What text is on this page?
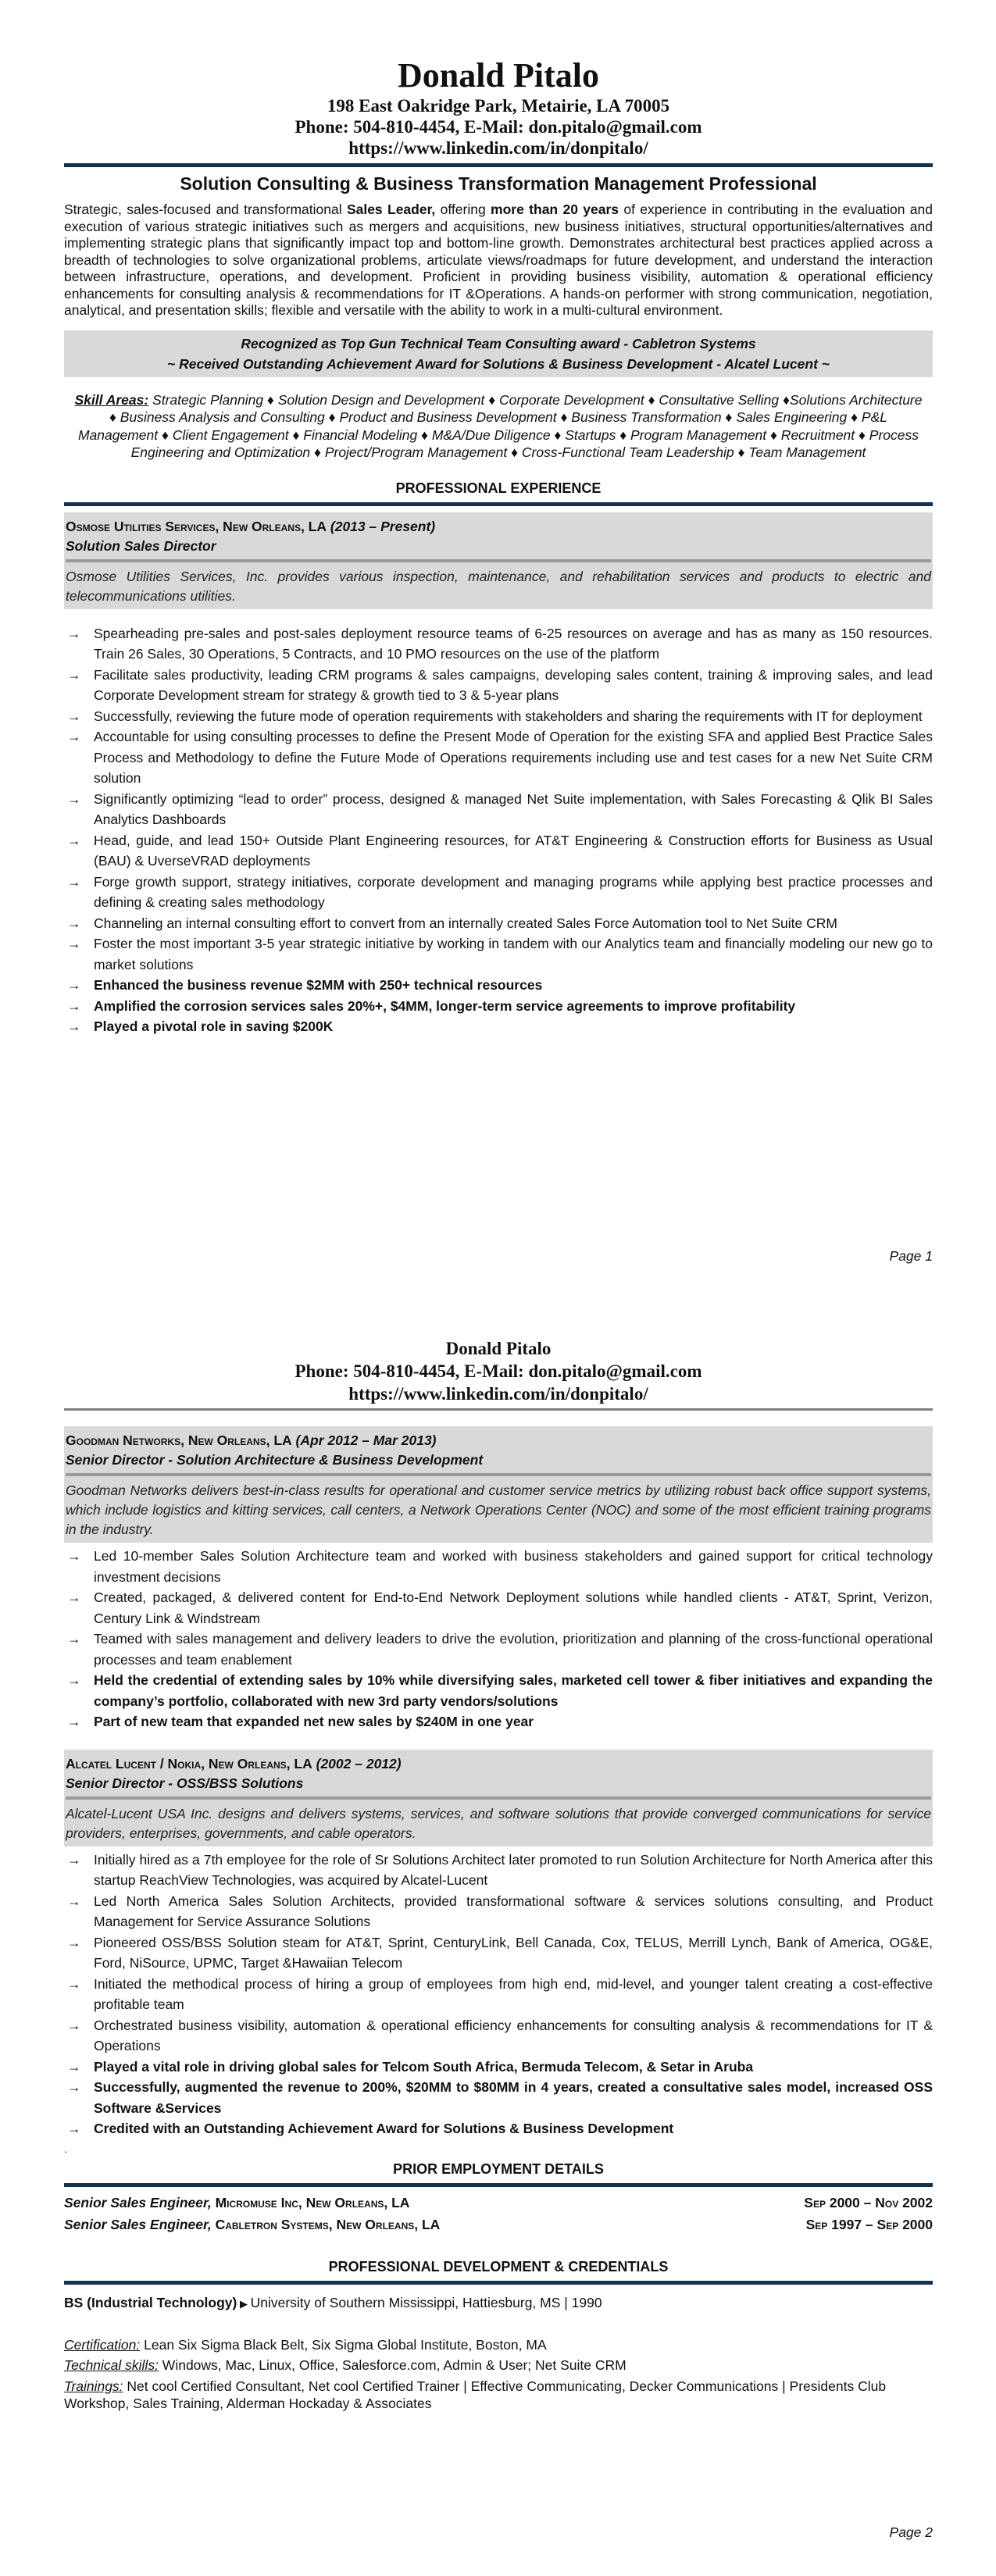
Donald Pitalo
198 East Oakridge Park, Metairie, LA 70005
Phone: 504-810-4454, E-Mail: don.pitalo@gmail.com
https://www.linkedin.com/in/donpitalo/
Solution Consulting & Business Transformation Management Professional
Strategic, sales-focused and transformational Sales Leader, offering more than 20 years of experience in contributing in the evaluation and execution of various strategic initiatives such as mergers and acquisitions, new business initiatives, structural opportunities/alternatives and implementing strategic plans that significantly impact top and bottom-line growth. Demonstrates architectural best practices applied across a breadth of technologies to solve organizational problems, articulate views/roadmaps for future development, and understand the interaction between infrastructure, operations, and development. Proficient in providing business visibility, automation & operational efficiency enhancements for consulting analysis & recommendations for IT &Operations. A hands-on performer with strong communication, negotiation, analytical, and presentation skills; flexible and versatile with the ability to work in a multi-cultural environment.
Recognized as Top Gun Technical Team Consulting award - Cabletron Systems
~ Received Outstanding Achievement Award for Solutions & Business Development - Alcatel Lucent ~
Skill Areas: Strategic Planning ♦ Solution Design and Development ♦ Corporate Development ♦ Consultative Selling ♦Solutions Architecture ♦ Business Analysis and Consulting ♦ Product and Business Development ♦ Business Transformation ♦ Sales Engineering ♦ P&L Management ♦ Client Engagement ♦ Financial Modeling ♦ M&A/Due Diligence ♦ Startups ♦ Program Management ♦ Recruitment ♦ Process Engineering and Optimization ♦ Project/Program Management ♦ Cross-Functional Team Leadership ♦ Team Management
PROFESSIONAL EXPERIENCE
Osmose Utilities Services, New Orleans, LA (2013 – Present)
Solution Sales Director
Osmose Utilities Services, Inc. provides various inspection, maintenance, and rehabilitation services and products to electric and telecommunications utilities.
→ Spearheading pre-sales and post-sales deployment resource teams of 6-25 resources on average and has as many as 150 resources. Train 26 Sales, 30 Operations, 5 Contracts, and 10 PMO resources on the use of the platform
→ Facilitate sales productivity, leading CRM programs & sales campaigns, developing sales content, training & improving sales, and lead Corporate Development stream for strategy & growth tied to 3 & 5-year plans
→ Successfully, reviewing the future mode of operation requirements with stakeholders and sharing the requirements with IT for deployment
→ Accountable for using consulting processes to define the Present Mode of Operation for the existing SFA and applied Best Practice Sales Process and Methodology to define the Future Mode of Operations requirements including use and test cases for a new Net Suite CRM solution
→ Significantly optimizing “lead to order” process, designed & managed Net Suite implementation, with Sales Forecasting & Qlik BI Sales Analytics Dashboards
→ Head, guide, and lead 150+ Outside Plant Engineering resources, for AT&T Engineering & Construction efforts for Business as Usual (BAU) & UverseVRAD deployments
→ Forge growth support, strategy initiatives, corporate development and managing programs while applying best practice processes and defining & creating sales methodology
→ Channeling an internal consulting effort to convert from an internally created Sales Force Automation tool to Net Suite CRM
→ Foster the most important 3-5 year strategic initiative by working in tandem with our Analytics team and financially modeling our new go to market solutions
→ Enhanced the business revenue $2MM with 250+ technical resources
→ Amplified the corrosion services sales 20%+, $4MM, longer-term service agreements to improve profitability
→ Played a pivotal role in saving $200K
Page 1
Donald Pitalo
Phone: 504-810-4454, E-Mail: don.pitalo@gmail.com
https://www.linkedin.com/in/donpitalo/
Goodman Networks, New Orleans, LA (Apr 2012 – Mar 2013)
Senior Director - Solution Architecture & Business Development
Goodman Networks delivers best-in-class results for operational and customer service metrics by utilizing robust back office support systems, which include logistics and kitting services, call centers, a Network Operations Center (NOC) and some of the most efficient training programs in the industry.
→ Led 10-member Sales Solution Architecture team and worked with business stakeholders and gained support for critical technology investment decisions
→ Created, packaged, & delivered content for End-to-End Network Deployment solutions while handled clients - AT&T, Sprint, Verizon, Century Link & Windstream
→ Teamed with sales management and delivery leaders to drive the evolution, prioritization and planning of the cross-functional operational processes and team enablement
→ Held the credential of extending sales by 10% while diversifying sales, marketed cell tower & fiber initiatives and expanding the company’s portfolio, collaborated with new 3rd party vendors/solutions
→ Part of new team that expanded net new sales by $240M in one year
Alcatel Lucent / Nokia, New Orleans, LA (2002 – 2012)
Senior Director - OSS/BSS Solutions
Alcatel-Lucent USA Inc. designs and delivers systems, services, and software solutions that provide converged communications for service providers, enterprises, governments, and cable operators.
→ Initially hired as a 7th employee for the role of Sr Solutions Architect later promoted to run Solution Architecture for North America after this startup ReachView Technologies, was acquired by Alcatel-Lucent
→ Led North America Sales Solution Architects, provided transformational software & services solutions consulting, and Product Management for Service Assurance Solutions
→ Pioneered OSS/BSS Solution steam for AT&T, Sprint, CenturyLink, Bell Canada, Cox, TELUS, Merrill Lynch, Bank of America, OG&E, Ford, NiSource, UPMC, Target &Hawaiian Telecom
→ Initiated the methodical process of hiring a group of employees from high end, mid-level, and younger talent creating a cost-effective profitable team
→ Orchestrated business visibility, automation & operational efficiency enhancements for consulting analysis & recommendations for IT & Operations
→ Played a vital role in driving global sales for Telcom South Africa, Bermuda Telecom, & Setar in Aruba
→ Successfully, augmented the revenue to 200%, $20MM to $80MM in 4 years, created a consultative sales model, increased OSS Software &Services
→ Credited with an Outstanding Achievement Award for Solutions & Business Development
.
PRIOR EMPLOYMENT DETAILS
Senior Sales Engineer, Micromuse Inc, New Orleans, LA	Sep 2000 – Nov 2002
Senior Sales Engineer, Cabletron Systems, New Orleans, LA	Sep 1997 – Sep 2000
PROFESSIONAL DEVELOPMENT & CREDENTIALS
BS (Industrial Technology) ▶ University of Southern Mississippi, Hattiesburg, MS | 1990
Certification: Lean Six Sigma Black Belt, Six Sigma Global Institute, Boston, MA
Technical skills: Windows, Mac, Linux, Office, Salesforce.com, Admin & User; Net Suite CRM
Trainings: Net cool Certified Consultant, Net cool Certified Trainer | Effective Communicating, Decker Communications | Presidents Club Workshop, Sales Training, Alderman Hockaday & Associates
Page 2
